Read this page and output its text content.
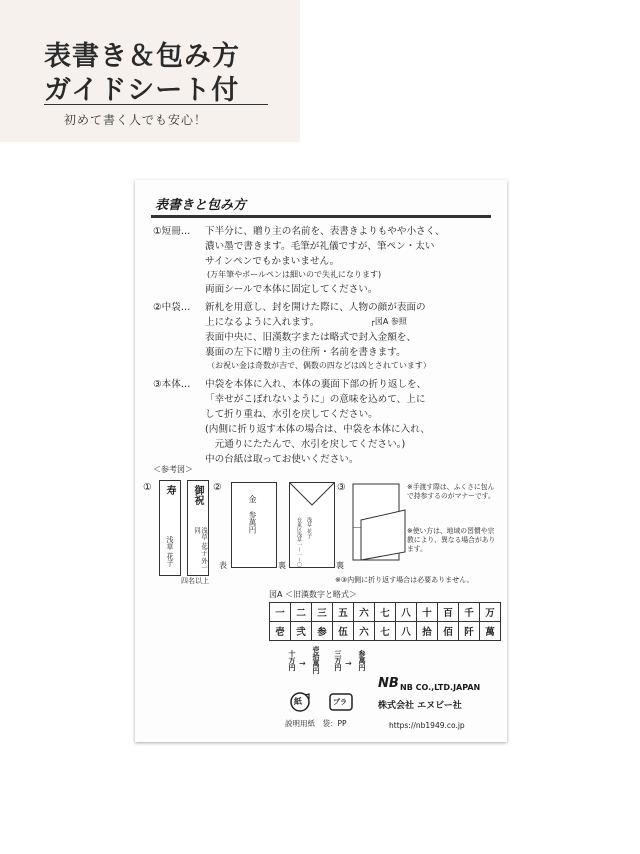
表書き＆包み方
ガイドシート付
初めて書く人でも安心！
表書きと包み方
①短冊… 下半分に、贈り主の名前を、表書きよりもやや小さく、
濃い墨で書きます。毛筆が礼儀ですが、筆ペン・太い
サインペンでもかまいません。
(万年筆やボールペンは細いので失礼になります)
両面シールで本体に固定してください。
②中袋… 新札を用意し、封を開けた際に、人物の顔が表面の
上になるように入れます。	┌図A 参照
表面中央に、旧漢数字または略式で封入金額を、
裏面の左下に贈り主の住所・名前を書きます。
（お祝い金は奇数が吉で、偶数の四などは凶とされています）
③本体… 中袋を本体に入れ、本体の裏面下部の折り返しを、
「幸せがこぼれないように」の意味を込めて、上に
して折り重ね、水引を戻してください。
(内側に折り返す本体の場合は、中袋を本体に入れ、
　元通りにたたんで、水引を戻してください。)
中の台紙は取ってお使いください。
＜参考図＞
① 寿
浅草 花子
御祝
浅草 花子 外一同
四名以上
②
金
参萬円
表	台東区浅草一ー一ー〇 浅草 花子
裏
③
裏
※手渡す際は、ふくさに包んで持参するのがマナーです。
※使い方は、地域の習慣や宗教により、異なる場合があります。
※③内側に折り返す場合は必要ありません。
図A ＜旧漢数字と略式＞
一	二	三	五	六	七	八	十	百	千	万
壱	弐	参	伍	六	七	八	拾	佰	阡	萬
十万円 → 壱拾萬円 三万円 → 参萬円
紙	プラ
説明用紙　袋：PP
NB NB CO.,LTD.JAPAN
株式会社 エヌビー社
https://nb1949.co.jp
